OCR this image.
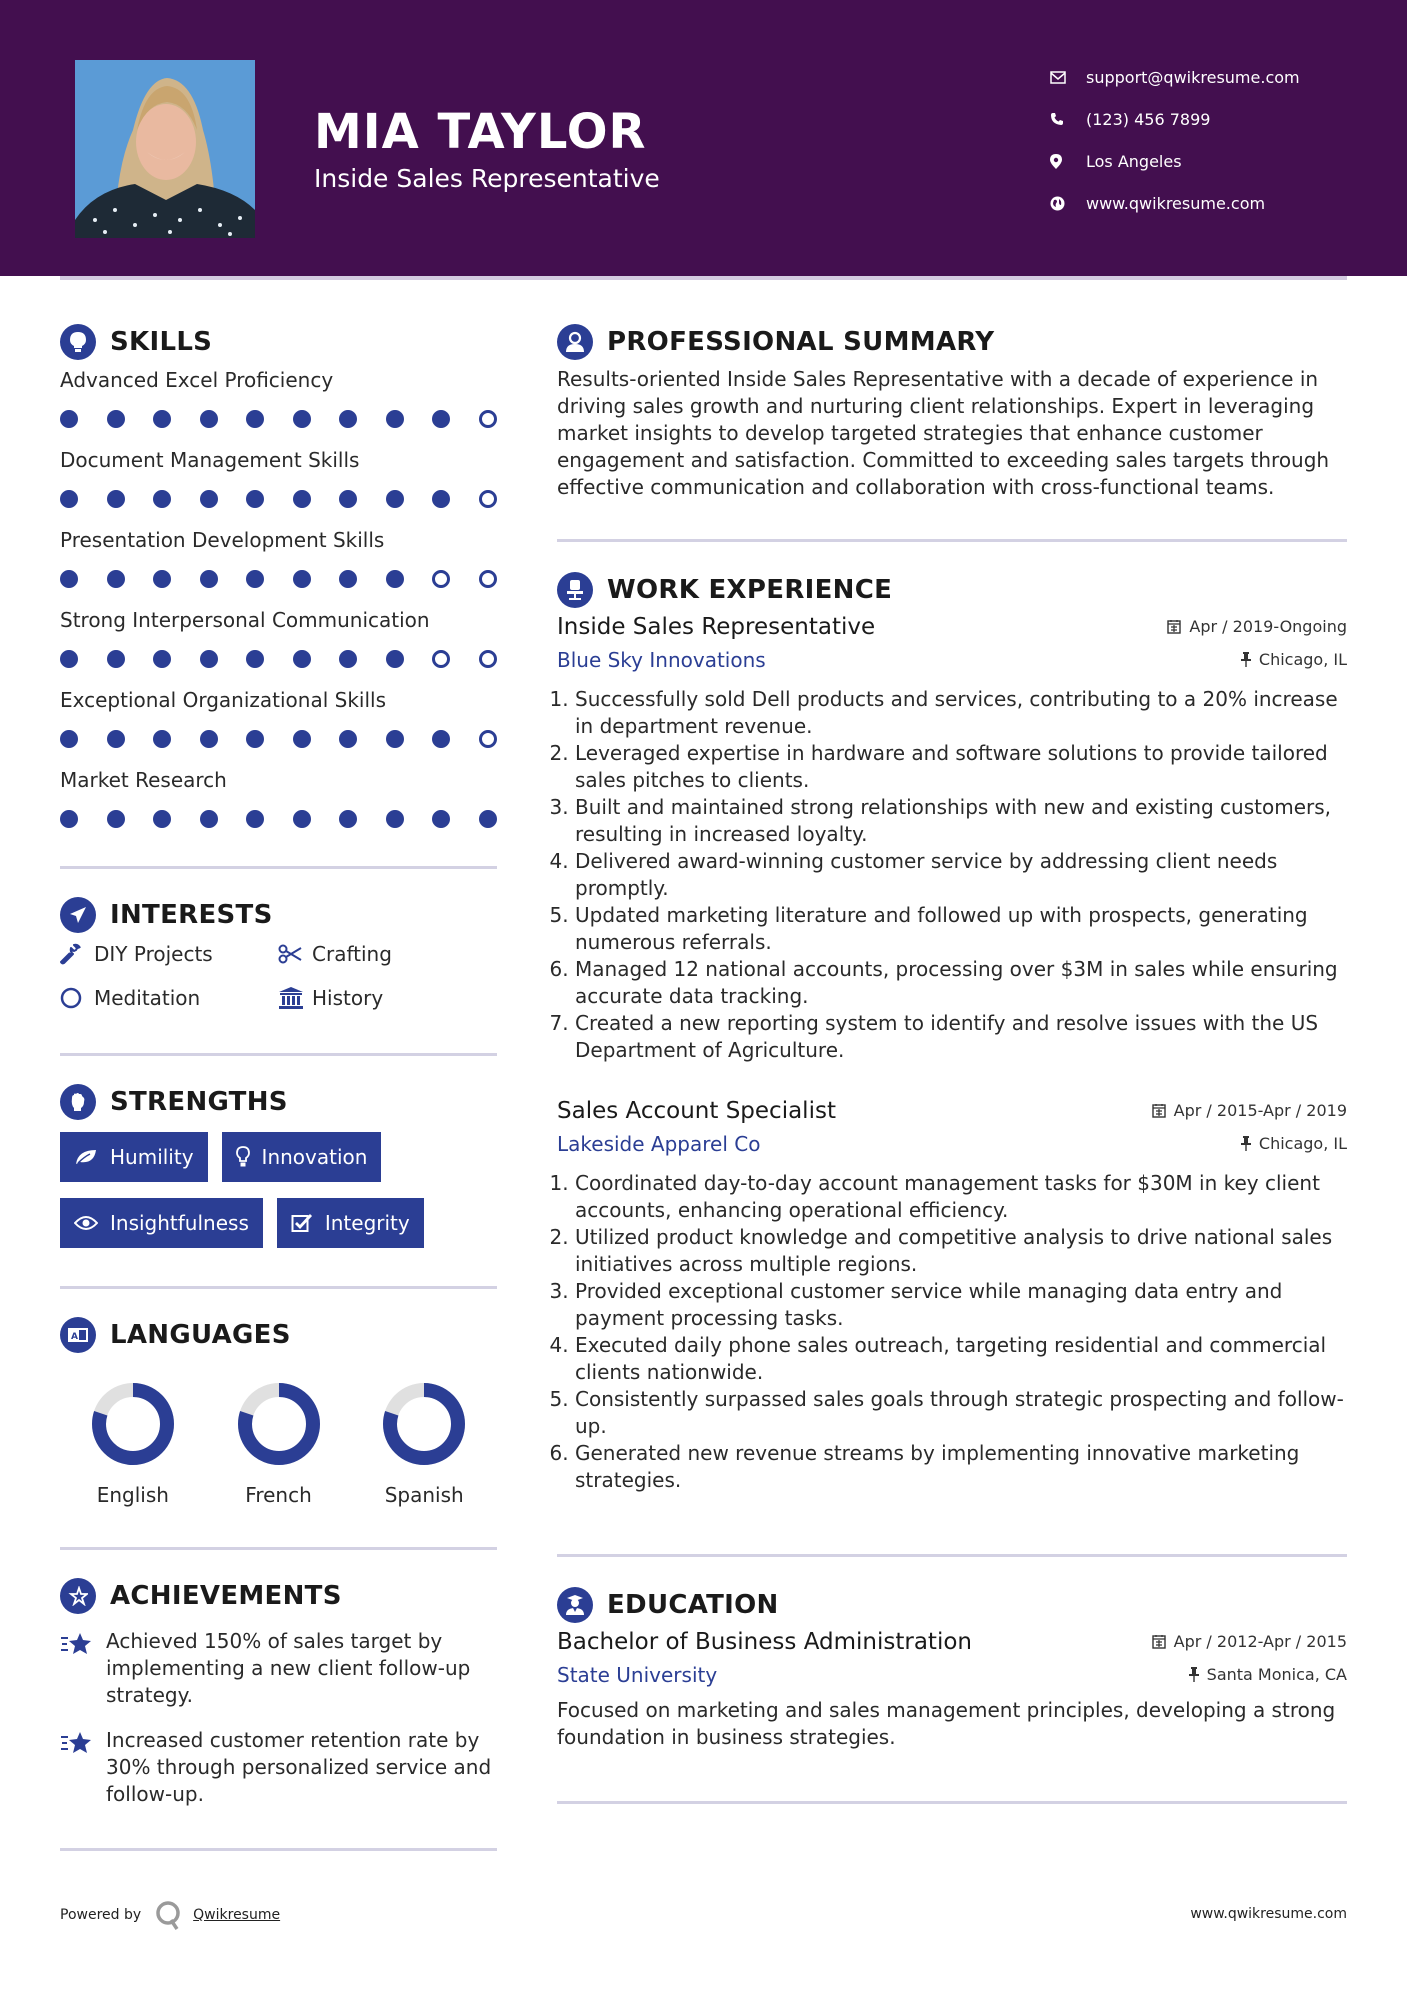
MIA TAYLOR
Inside Sales Representative
support@qwikresume.com
(123) 456 7899
Los Angeles
www.qwikresume.com
SKILLS
Advanced Excel Proficiency
Document Management Skills
Presentation Development Skills
Strong Interpersonal Communication
Exceptional Organizational Skills
Market Research
INTERESTS
DIY Projects	Crafting
Meditation	History
STRENGTHS
Humility	Innovation
Insightfulness	Integrity
A LANGUAGES
English	French	Spanish
ACHIEVEMENTS
Achieved 150% of sales target by implementing a new client follow-up strategy.
Increased customer retention rate by 30% through personalized service and follow-up.
PROFESSIONAL SUMMARY

Results-oriented Inside Sales Representative with a decade of experience in driving sales growth and nurturing client relationships. Expert in leveraging market insights to develop targeted strategies that enhance customer engagement and satisfaction. Committed to exceeding sales targets through effective communication and collaboration with cross-functional teams.

WORK EXPERIENCE
Inside Sales Representative	Apr / 2019-Ongoing
Blue Sky Innovations	Chicago, IL
1. Successfully sold Dell products and services, contributing to a 20% increase in department revenue.
2. Leveraged expertise in hardware and software solutions to provide tailored sales pitches to clients.
3. Built and maintained strong relationships with new and existing customers, resulting in increased loyalty.
4. Delivered award-winning customer service by addressing client needs promptly.
5. Updated marketing literature and followed up with prospects, generating numerous referrals.
6. Managed 12 national accounts, processing over $3M in sales while ensuring accurate data tracking.
7. Created a new reporting system to identify and resolve issues with the US Department of Agriculture.
Sales Account Specialist	Apr / 2015-Apr / 2019
Lakeside Apparel Co	Chicago, IL
1. Coordinated day-to-day account management tasks for $30M in key client accounts, enhancing operational efficiency.
2. Utilized product knowledge and competitive analysis to drive national sales initiatives across multiple regions.
3. Provided exceptional customer service while managing data entry and payment processing tasks.
4. Executed daily phone sales outreach, targeting residential and commercial clients nationwide.
5. Consistently surpassed sales goals through strategic prospecting and follow-up.
6. Generated new revenue streams by implementing innovative marketing strategies.
EDUCATION
Bachelor of Business Administration	Apr / 2012-Apr / 2015
State University	Santa Monica, CA

Focused on marketing and sales management principles, developing a strong foundation in business strategies.

Powered by	Qwikresume	www.qwikresume.com
